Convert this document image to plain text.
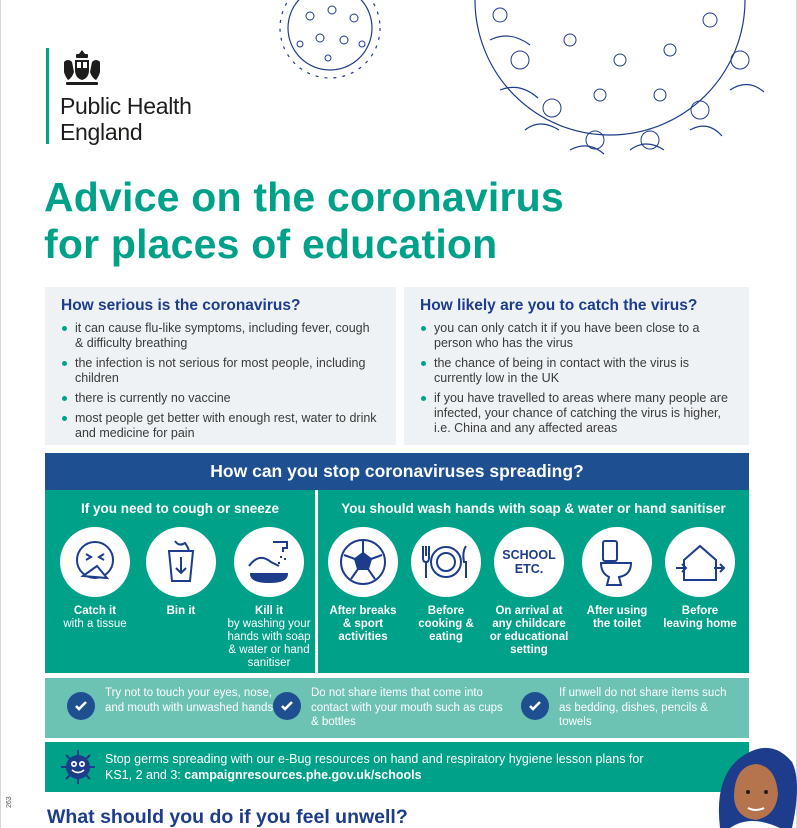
Public Health
England
Advice on the coronavirus
for places of education
How serious is the coronavirus?
it can cause flu-like symptoms, including fever, cough & difficulty breathing
the infection is not serious for most people, including children
there is currently no vaccine
most people get better with enough rest, water to drink and medicine for pain
How likely are you to catch the virus?
you can only catch it if you have been close to a person who has the virus
the chance of being in contact with the virus is currently low in the UK
if you have travelled to areas where many people are infected, your chance of catching the virus is higher, i.e. China and any affected areas
How can you stop coronaviruses spreading?
If you need to cough or sneeze
Catch it
with a tissue
Bin it	Kill it
by washing your hands with soap & water or hand sanitiser
You should wash hands with soap & water or hand sanitiser
After breaks & sport activities
Before cooking & eating
SCHOOL ETC.
On arrival at any childcare or educational setting
After using the toilet
Before leaving home
Try not to touch your eyes, nose, and mouth with unwashed hands
Do not share items that come into contact with your mouth such as cups & bottles
If unwell do not share items such as bedding, dishes, pencils & towels
Stop germs spreading with our e-Bug resources on hand and respiratory hygiene lesson plans for KS1, 2 and 3: campaignresources.phe.gov.uk/schools
What should you do if you feel unwell?
263
